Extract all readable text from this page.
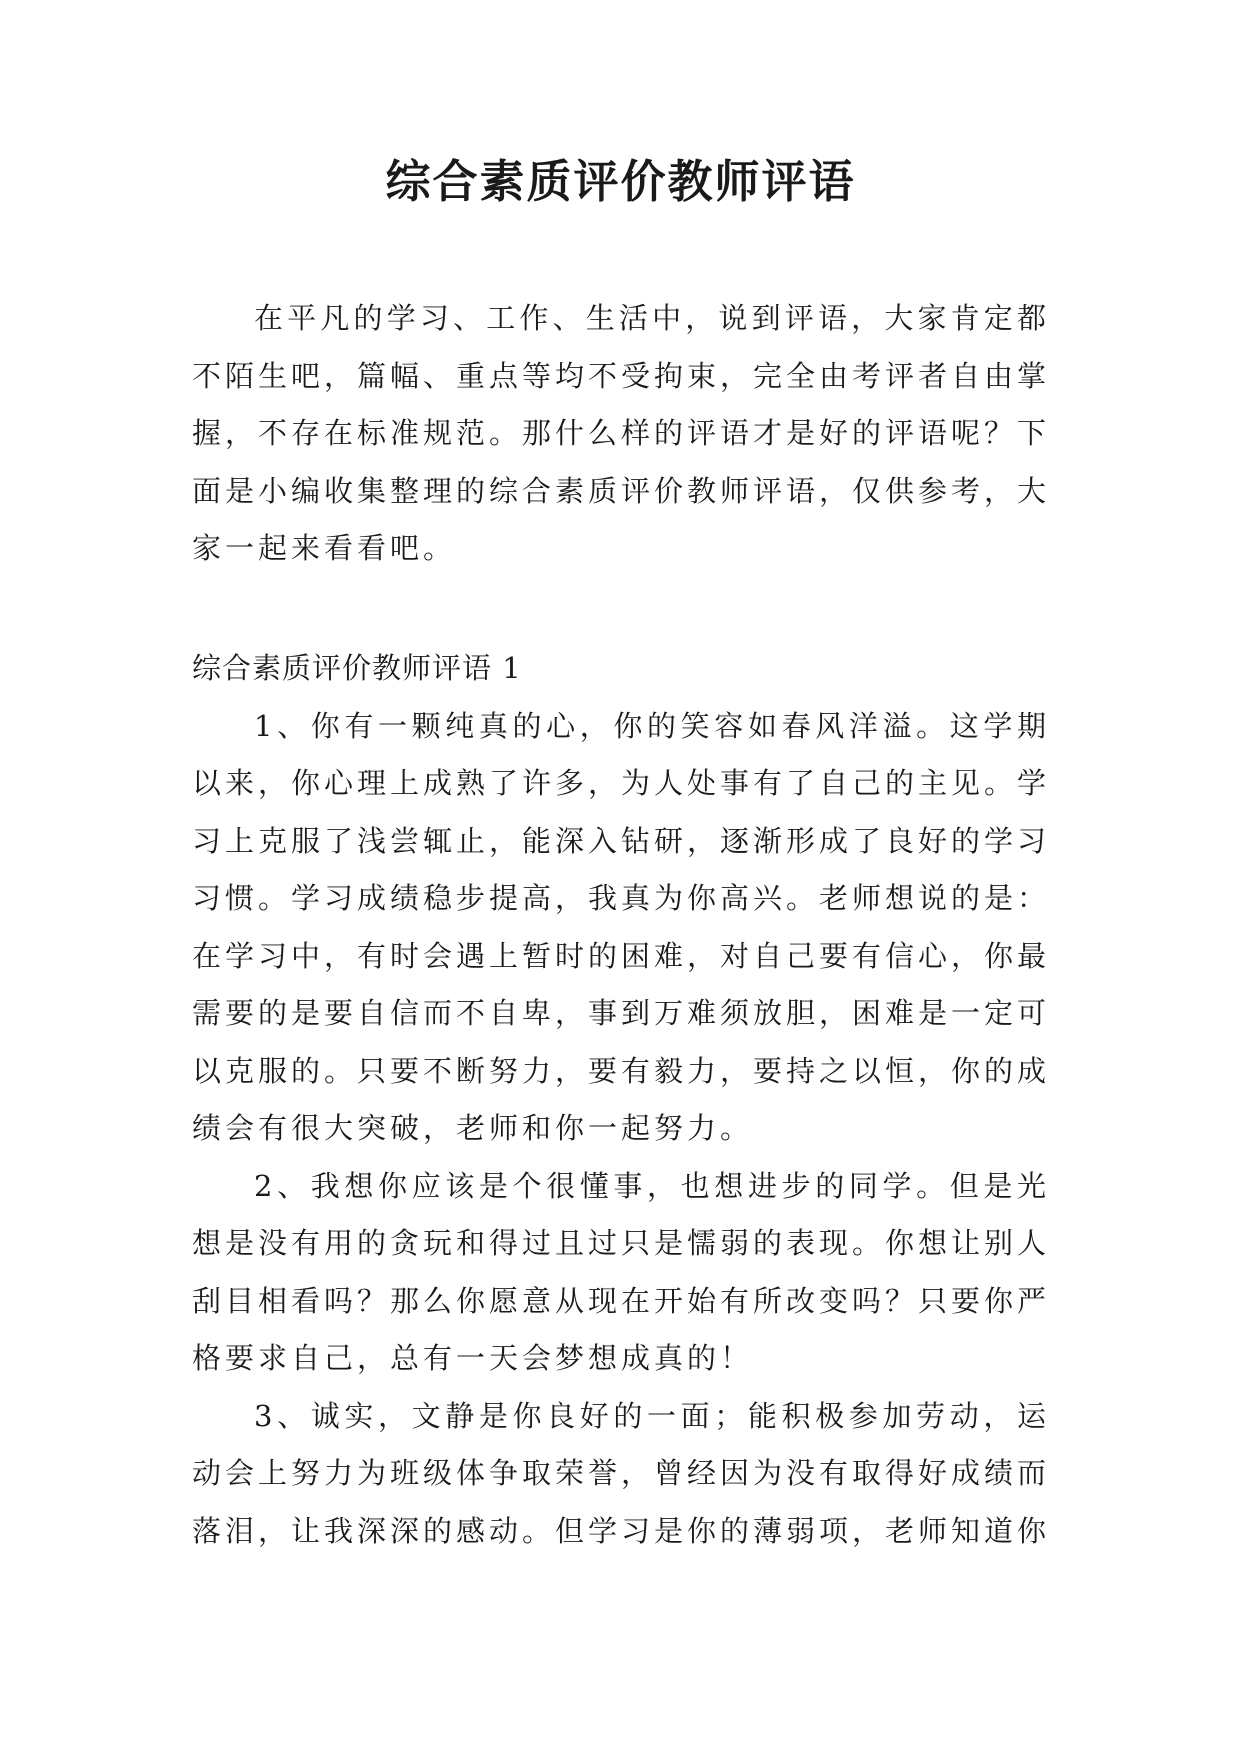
综合素质评价教师评语

在平凡的学习、工作、生活中，说到评语，大家肯定都不陌生吧，篇幅、重点等均不受拘束，完全由考评者自由掌握，不存在标准规范。那什么样的评语才是好的评语呢？下面是小编收集整理的综合素质评价教师评语，仅供参考，大家一起来看看吧。

综合素质评价教师评语 1

1、你有一颗纯真的心，你的笑容如春风洋溢。这学期以来，你心理上成熟了许多，为人处事有了自己的主见。学习上克服了浅尝辄止，能深入钻研，逐渐形成了良好的学习习惯。学习成绩稳步提高，我真为你高兴。老师想说的是：在学习中，有时会遇上暂时的困难，对自己要有信心，你最需要的是要自信而不自卑，事到万难须放胆，困难是一定可以克服的。只要不断努力，要有毅力，要持之以恒，你的成绩会有很大突破，老师和你一起努力。

2、我想你应该是个很懂事，也想进步的同学。但是光想是没有用的贪玩和得过且过只是懦弱的表现。你想让别人刮目相看吗？那么你愿意从现在开始有所改变吗？只要你严格要求自己，总有一天会梦想成真的！

3、诚实，文静是你良好的一面；能积极参加劳动，运动会上努力为班级体争取荣誉，曾经因为没有取得好成绩而落泪，让我深深的感动。但学习是你的薄弱项，老师知道你
